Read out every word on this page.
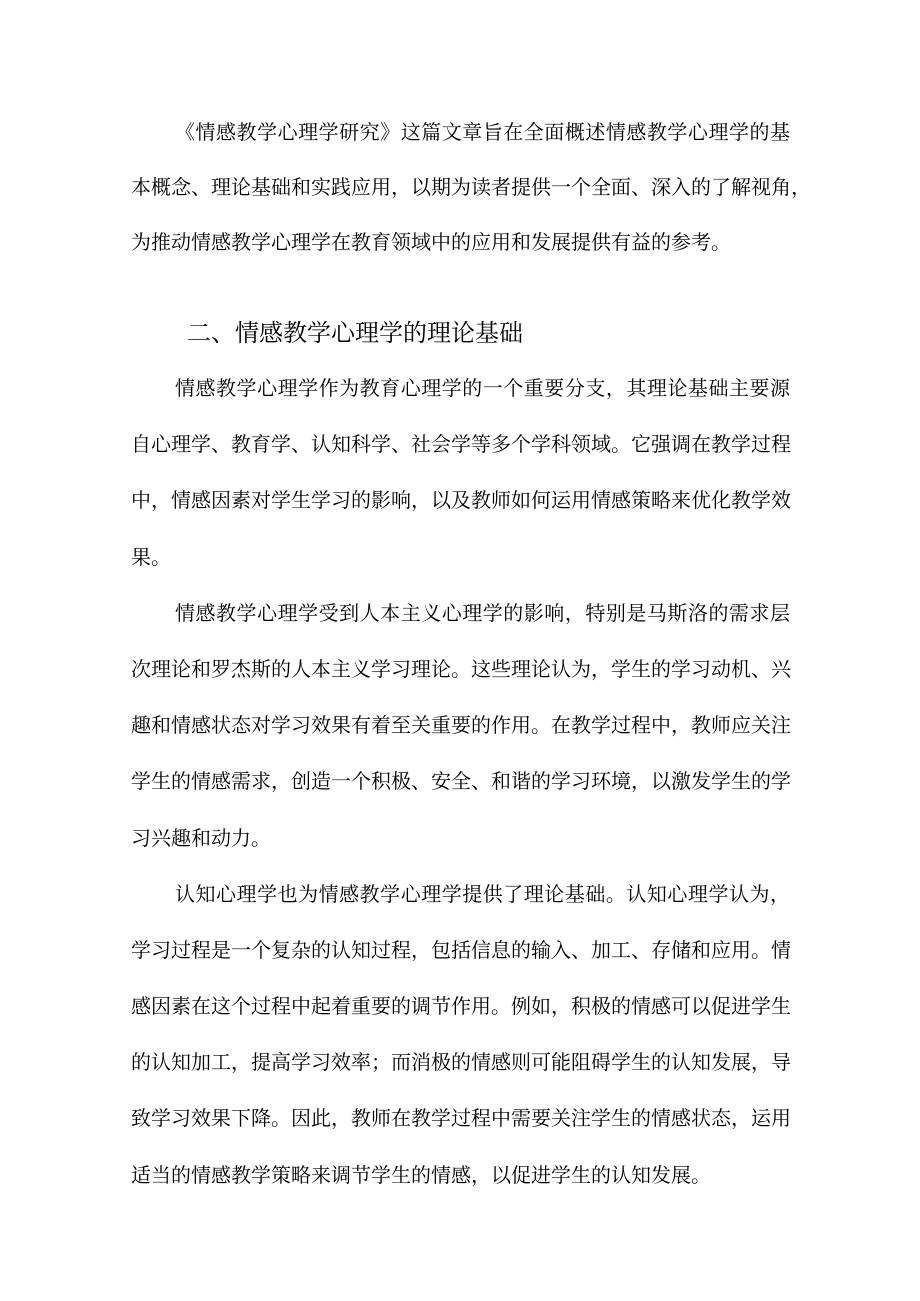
《情感教学心理学研究》这篇文章旨在全面概述情感教学心理学的基
本概念、理论基础和实践应用，以期为读者提供一个全面、深入的了解视角，
为推动情感教学心理学在教育领域中的应用和发展提供有益的参考。
二、情感教学心理学的理论基础
情感教学心理学作为教育心理学的一个重要分支，其理论基础主要源
自心理学、教育学、认知科学、社会学等多个学科领域。它强调在教学过程
中，情感因素对学生学习的影响，以及教师如何运用情感策略来优化教学效
果。
情感教学心理学受到人本主义心理学的影响，特别是马斯洛的需求层
次理论和罗杰斯的人本主义学习理论。这些理论认为，学生的学习动机、兴
趣和情感状态对学习效果有着至关重要的作用。在教学过程中，教师应关注
学生的情感需求，创造一个积极、安全、和谐的学习环境，以激发学生的学
习兴趣和动力。
认知心理学也为情感教学心理学提供了理论基础。认知心理学认为，
学习过程是一个复杂的认知过程，包括信息的输入、加工、存储和应用。情
感因素在这个过程中起着重要的调节作用。例如，积极的情感可以促进学生
的认知加工，提高学习效率；而消极的情感则可能阻碍学生的认知发展，导
致学习效果下降。因此，教师在教学过程中需要关注学生的情感状态，运用
适当的情感教学策略来调节学生的情感，以促进学生的认知发展。
